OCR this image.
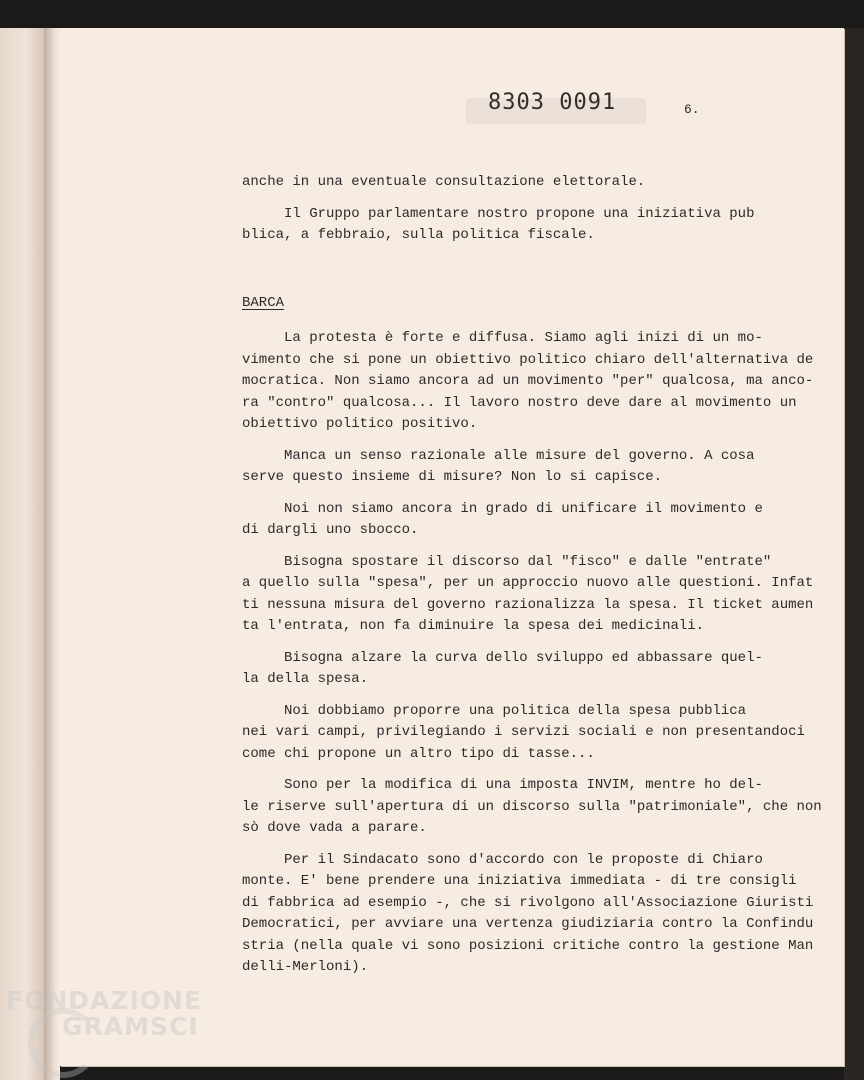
8303 0091	6.
anche in una eventuale consultazione elettorale.
Il Gruppo parlamentare nostro propone una iniziativa pub
blica, a febbraio, sulla politica fiscale.
BARCA
La protesta è forte e diffusa. Siamo agli inizi di un mo-
vimento che si pone un obiettivo politico chiaro dell'alternativa de
mocratica. Non siamo ancora ad un movimento "per" qualcosa, ma anco-
ra "contro" qualcosa... Il lavoro nostro deve dare al movimento un
obiettivo politico positivo.
Manca un senso razionale alle misure del governo. A cosa
serve questo insieme di misure? Non lo si capisce.
Noi non siamo ancora in grado di unificare il movimento e
di dargli uno sbocco.
Bisogna spostare il discorso dal "fisco" e dalle "entrate"
a quello sulla "spesa", per un approccio nuovo alle questioni. Infat
ti nessuna misura del governo razionalizza la spesa. Il ticket aumen
ta l'entrata, non fa diminuire la spesa dei medicinali.
Bisogna alzare la curva dello sviluppo ed abbassare quel-
la della spesa.
Noi dobbiamo proporre una politica della spesa pubblica
nei vari campi, privilegiando i servizi sociali e non presentandoci
come chi propone un altro tipo di tasse...
Sono per la modifica di una imposta INVIM, mentre ho del-
le riserve sull'apertura di un discorso sulla "patrimoniale", che non
sò dove vada a parare.
Per il Sindacato sono d'accordo con le proposte di Chiaro
monte. E' bene prendere una iniziativa immediata - di tre consigli
di fabbrica ad esempio -, che si rivolgono all'Associazione Giuristi
Democratici, per avviare una vertenza giudiziaria contro la Confindu
stria (nella quale vi sono posizioni critiche contro la gestione Man
delli-Merloni).
FONDAZIONE
GRAMSCI
